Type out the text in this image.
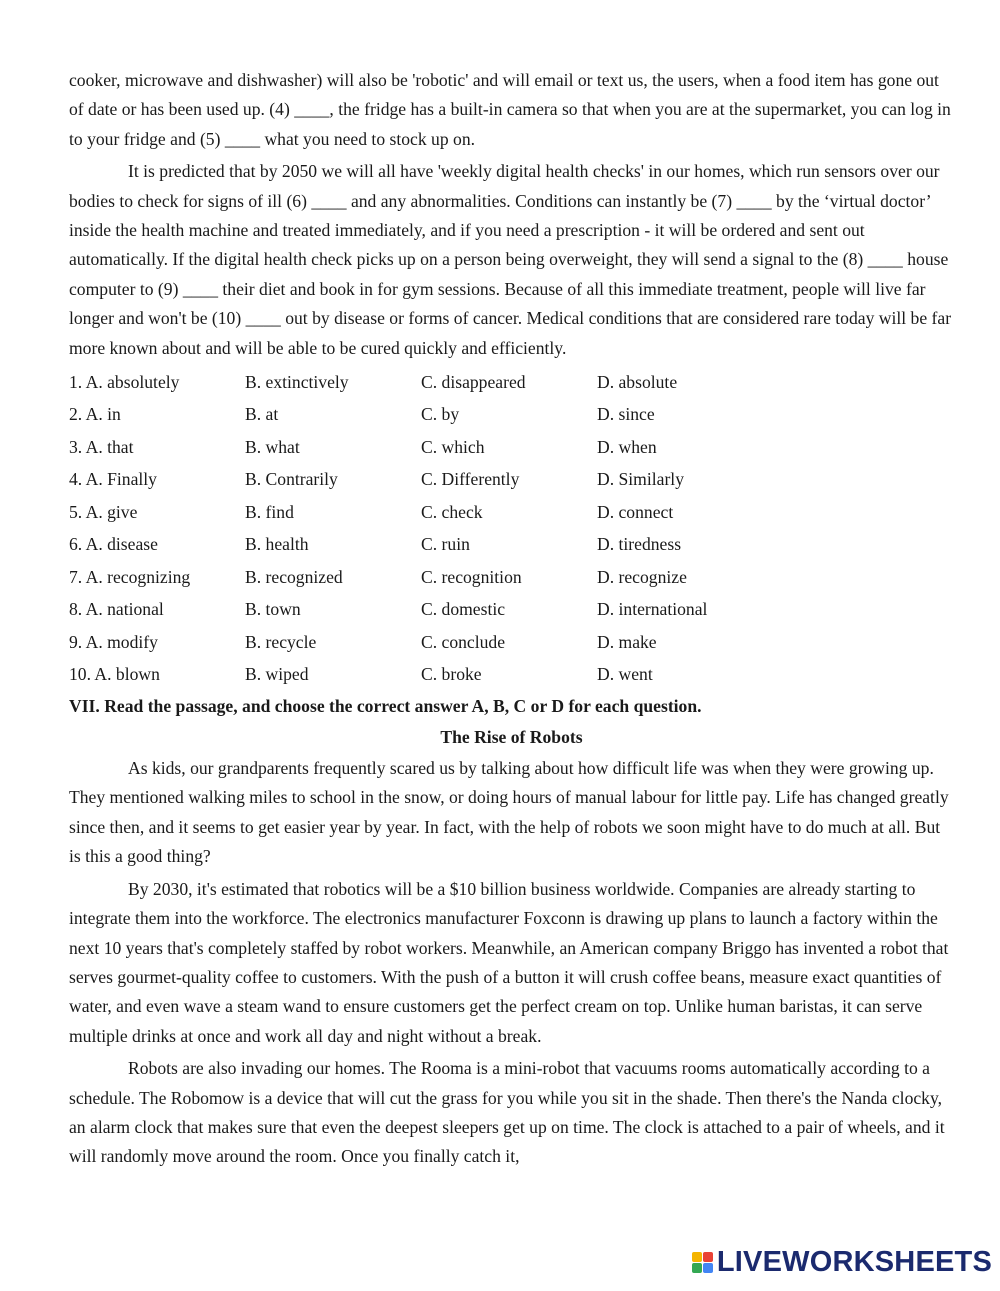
cooker, microwave and dishwasher) will also be 'robotic' and will email or text us, the users, when a food item has gone out of date or has been used up. (4) ____, the fridge has a built-in camera so that when you are at the supermarket, you can log in to your fridge and (5) ____ what you need to stock up on.

It is predicted that by 2050 we will all have 'weekly digital health checks' in our homes, which run sensors over our bodies to check for signs of ill (6) ____ and any abnormalities. Conditions can instantly be (7) ____ by the ‘virtual doctor’ inside the health machine and treated immediately, and if you need a prescription - it will be ordered and sent out automatically. If the digital health check picks up on a person being overweight, they will send a signal to the (8) ____ house computer to (9) ____ their diet and book in for gym sessions. Because of all this immediate treatment, people will live far longer and won't be (10) ____ out by disease or forms of cancer. Medical conditions that are considered rare today will be far more known about and will be able to be cured quickly and efficiently.

1. A. absolutely	B. extinctively	C. disappeared	D. absolute
2. A. in	B. at	C. by	D. since
3. A. that	B. what	C. which	D. when
4. A. Finally	B. Contrarily	C. Differently	D. Similarly
5. A. give	B. find	C. check	D. connect
6. A. disease	B. health	C. ruin	D. tiredness
7. A. recognizing	B. recognized	C. recognition	D. recognize
8. A. national	B. town	C. domestic	D. international
9. A. modify	B. recycle	C. conclude	D. make
10. A. blown	B. wiped	C. broke	D. went

VII. Read the passage, and choose the correct answer A, B, C or D for each question.

The Rise of Robots

As kids, our grandparents frequently scared us by talking about how difficult life was when they were growing up. They mentioned walking miles to school in the snow, or doing hours of manual labour for little pay. Life has changed greatly since then, and it seems to get easier year by year. In fact, with the help of robots we soon might have to do much at all. But is this a good thing?

By 2030, it's estimated that robotics will be a $10 billion business worldwide. Companies are already starting to integrate them into the workforce. The electronics manufacturer Foxconn is drawing up plans to launch a factory within the next 10 years that's completely staffed by robot workers. Meanwhile, an American company Briggo has invented a robot that serves gourmet-quality coffee to customers. With the push of a button it will crush coffee beans, measure exact quantities of water, and even wave a steam wand to ensure customers get the perfect cream on top. Unlike human baristas, it can serve multiple drinks at once and work all day and night without a break.

Robots are also invading our homes. The Rooma is a mini-robot that vacuums rooms automatically according to a schedule. The Robomow is a device that will cut the grass for you while you sit in the shade. Then there's the Nanda clocky, an alarm clock that makes sure that even the deepest sleepers get up on time. The clock is attached to a pair of wheels, and it will randomly move around the room. Once you finally catch it,

LIVEWORKSHEETS
